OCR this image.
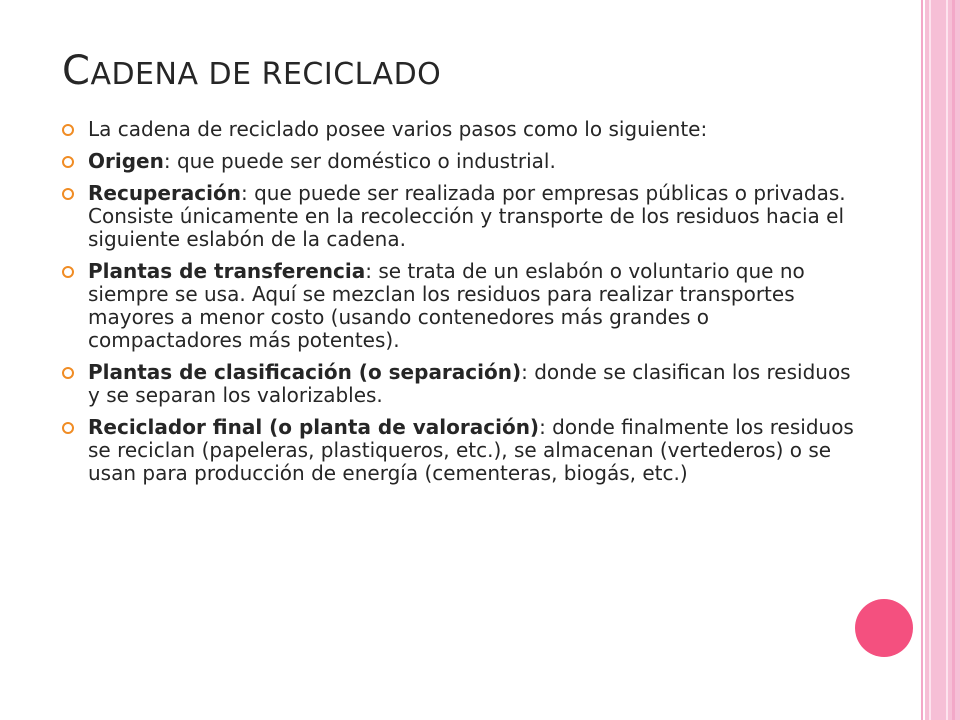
CADENA DE RECICLADO
La cadena de reciclado posee varios pasos como lo siguiente:
Origen: que puede ser doméstico o industrial.
Recuperación: que puede ser realizada por empresas públicas o privadas. Consiste únicamente en la recolección y transporte de los residuos hacia el siguiente eslabón de la cadena.
Plantas de transferencia: se trata de un eslabón o voluntario que no siempre se usa. Aquí se mezclan los residuos para realizar transportes mayores a menor costo (usando contenedores más grandes o compactadores más potentes).
Plantas de clasificación (o separación): donde se clasifican los residuos y se separan los valorizables.
Reciclador final (o planta de valoración): donde finalmente los residuos se reciclan (papeleras, plastiqueros, etc.), se almacenan (vertederos) o se usan para producción de energía (cementeras, biogás, etc.)
